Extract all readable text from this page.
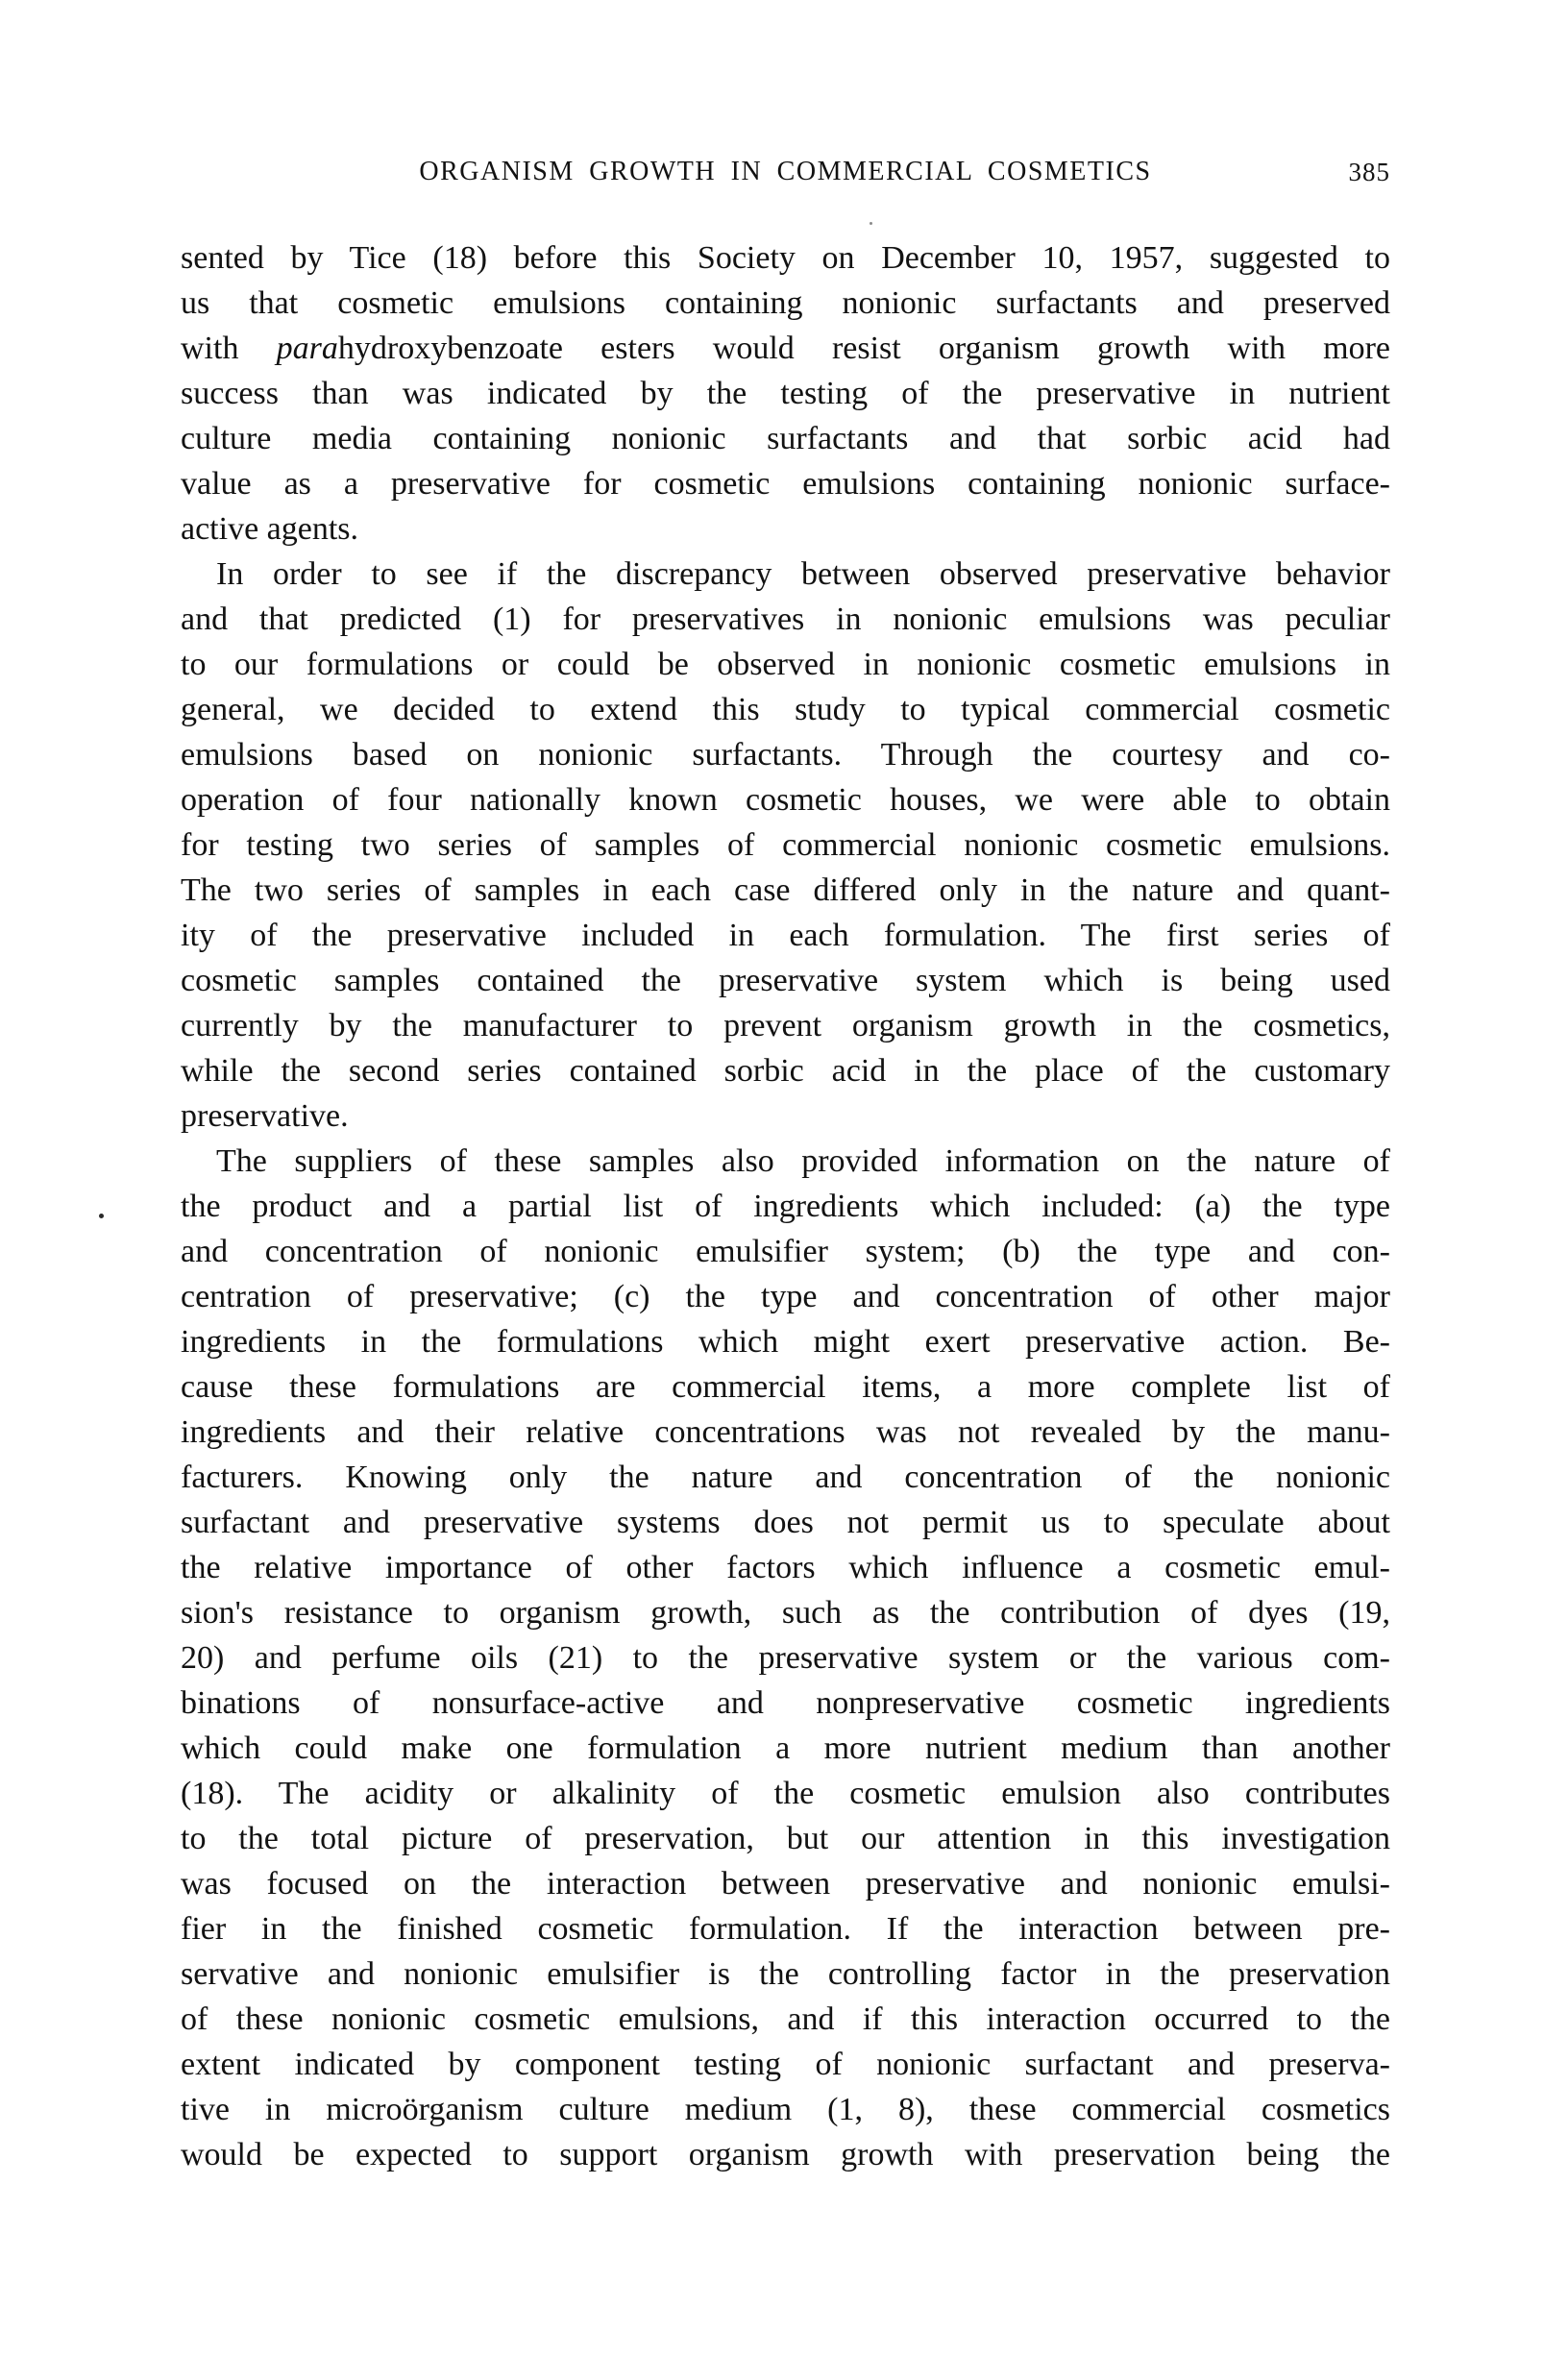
ORGANISM GROWTH IN COMMERCIAL COSMETICS	385
sented by Tice (18) before this Society on December 10, 1957, suggested to
us that cosmetic emulsions containing nonionic surfactants and preserved
with parahydroxybenzoate esters would resist organism growth with more
success than was indicated by the testing of the preservative in nutrient
culture media containing nonionic surfactants and that sorbic acid had
value as a preservative for cosmetic emulsions containing nonionic surface-
active agents.
In order to see if the discrepancy between observed preservative behavior
and that predicted (1) for preservatives in nonionic emulsions was peculiar
to our formulations or could be observed in nonionic cosmetic emulsions in
general, we decided to extend this study to typical commercial cosmetic
emulsions based on nonionic surfactants. Through the courtesy and co-
operation of four nationally known cosmetic houses, we were able to obtain
for testing two series of samples of commercial nonionic cosmetic emulsions.
The two series of samples in each case differed only in the nature and quant-
ity of the preservative included in each formulation. The first series of
cosmetic samples contained the preservative system which is being used
currently by the manufacturer to prevent organism growth in the cosmetics,
while the second series contained sorbic acid in the place of the customary
preservative.
The suppliers of these samples also provided information on the nature of
the product and a partial list of ingredients which included: (a) the type
and concentration of nonionic emulsifier system; (b) the type and con-
centration of preservative; (c) the type and concentration of other major
ingredients in the formulations which might exert preservative action. Be-
cause these formulations are commercial items, a more complete list of
ingredients and their relative concentrations was not revealed by the manu-
facturers. Knowing only the nature and concentration of the nonionic
surfactant and preservative systems does not permit us to speculate about
the relative importance of other factors which influence a cosmetic emul-
sion's resistance to organism growth, such as the contribution of dyes (19,
20) and perfume oils (21) to the preservative system or the various com-
binations of nonsurface-active and nonpreservative cosmetic ingredients
which could make one formulation a more nutrient medium than another
(18). The acidity or alkalinity of the cosmetic emulsion also contributes
to the total picture of preservation, but our attention in this investigation
was focused on the interaction between preservative and nonionic emulsi-
fier in the finished cosmetic formulation. If the interaction between pre-
servative and nonionic emulsifier is the controlling factor in the preservation
of these nonionic cosmetic emulsions, and if this interaction occurred to the
extent indicated by component testing of nonionic surfactant and preserva-
tive in microörganism culture medium (1, 8), these commercial cosmetics
would be expected to support organism growth with preservation being the
